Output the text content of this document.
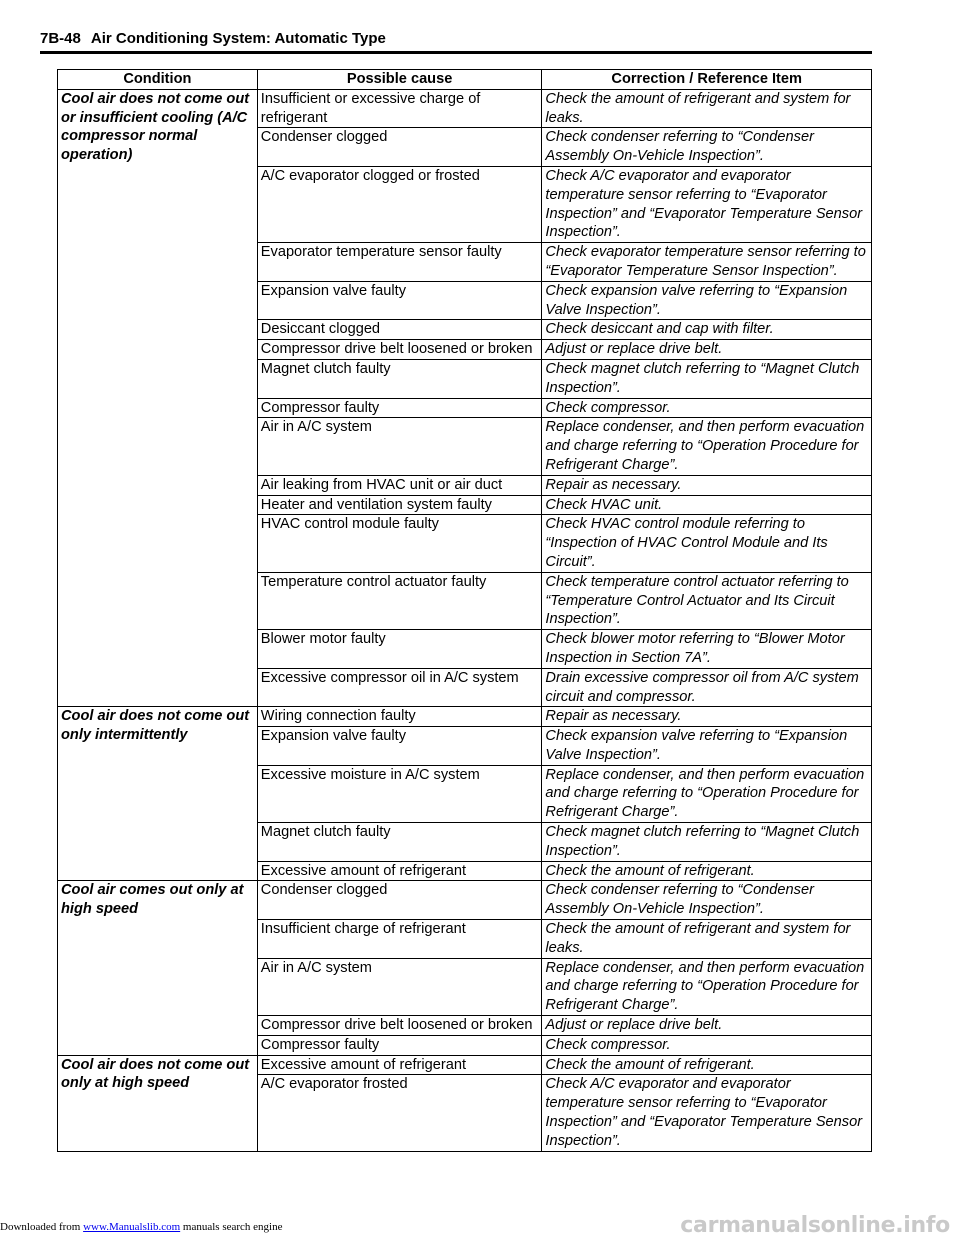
7B-48 Air Conditioning System: Automatic Type
Condition	Possible cause	Correction / Reference Item
Cool air does not come out or insufficient cooling (A/C compressor normal operation)	Insufficient or excessive charge of refrigerant	Check the amount of refrigerant and system for leaks.
	Condenser clogged	Check condenser referring to “Condenser Assembly On-Vehicle Inspection”.
	A/C evaporator clogged or frosted	Check A/C evaporator and evaporator temperature sensor referring to “Evaporator Inspection” and “Evaporator Temperature Sensor Inspection”.
	Evaporator temperature sensor faulty	Check evaporator temperature sensor referring to “Evaporator Temperature Sensor Inspection”.
	Expansion valve faulty	Check expansion valve referring to “Expansion Valve Inspection”.
	Desiccant clogged	Check desiccant and cap with filter.
	Compressor drive belt loosened or broken	Adjust or replace drive belt.
	Magnet clutch faulty	Check magnet clutch referring to “Magnet Clutch Inspection”.
	Compressor faulty	Check compressor.
	Air in A/C system	Replace condenser, and then perform evacuation and charge referring to “Operation Procedure for Refrigerant Charge”.
	Air leaking from HVAC unit or air duct	Repair as necessary.
	Heater and ventilation system faulty	Check HVAC unit.
	HVAC control module faulty	Check HVAC control module referring to “Inspection of HVAC Control Module and Its Circuit”.
	Temperature control actuator faulty	Check temperature control actuator referring to “Temperature Control Actuator and Its Circuit Inspection”.
	Blower motor faulty	Check blower motor referring to “Blower Motor Inspection in Section 7A”.
	Excessive compressor oil in A/C system	Drain excessive compressor oil from A/C system circuit and compressor.
Cool air does not come out only intermittently	Wiring connection faulty	Repair as necessary.
	Expansion valve faulty	Check expansion valve referring to “Expansion Valve Inspection”.
	Excessive moisture in A/C system	Replace condenser, and then perform evacuation and charge referring to “Operation Procedure for Refrigerant Charge”.
	Magnet clutch faulty	Check magnet clutch referring to “Magnet Clutch Inspection”.
	Excessive amount of refrigerant	Check the amount of refrigerant.
Cool air comes out only at high speed	Condenser clogged	Check condenser referring to “Condenser Assembly On-Vehicle Inspection”.
	Insufficient charge of refrigerant	Check the amount of refrigerant and system for leaks.
	Air in A/C system	Replace condenser, and then perform evacuation and charge referring to “Operation Procedure for Refrigerant Charge”.
	Compressor drive belt loosened or broken	Adjust or replace drive belt.
	Compressor faulty	Check compressor.
Cool air does not come out only at high speed	Excessive amount of refrigerant	Check the amount of refrigerant.
	A/C evaporator frosted	Check A/C evaporator and evaporator temperature sensor referring to “Evaporator Inspection” and “Evaporator Temperature Sensor Inspection”.
Downloaded from www.Manualslib.com manuals search engine	carmanualsonline.info
